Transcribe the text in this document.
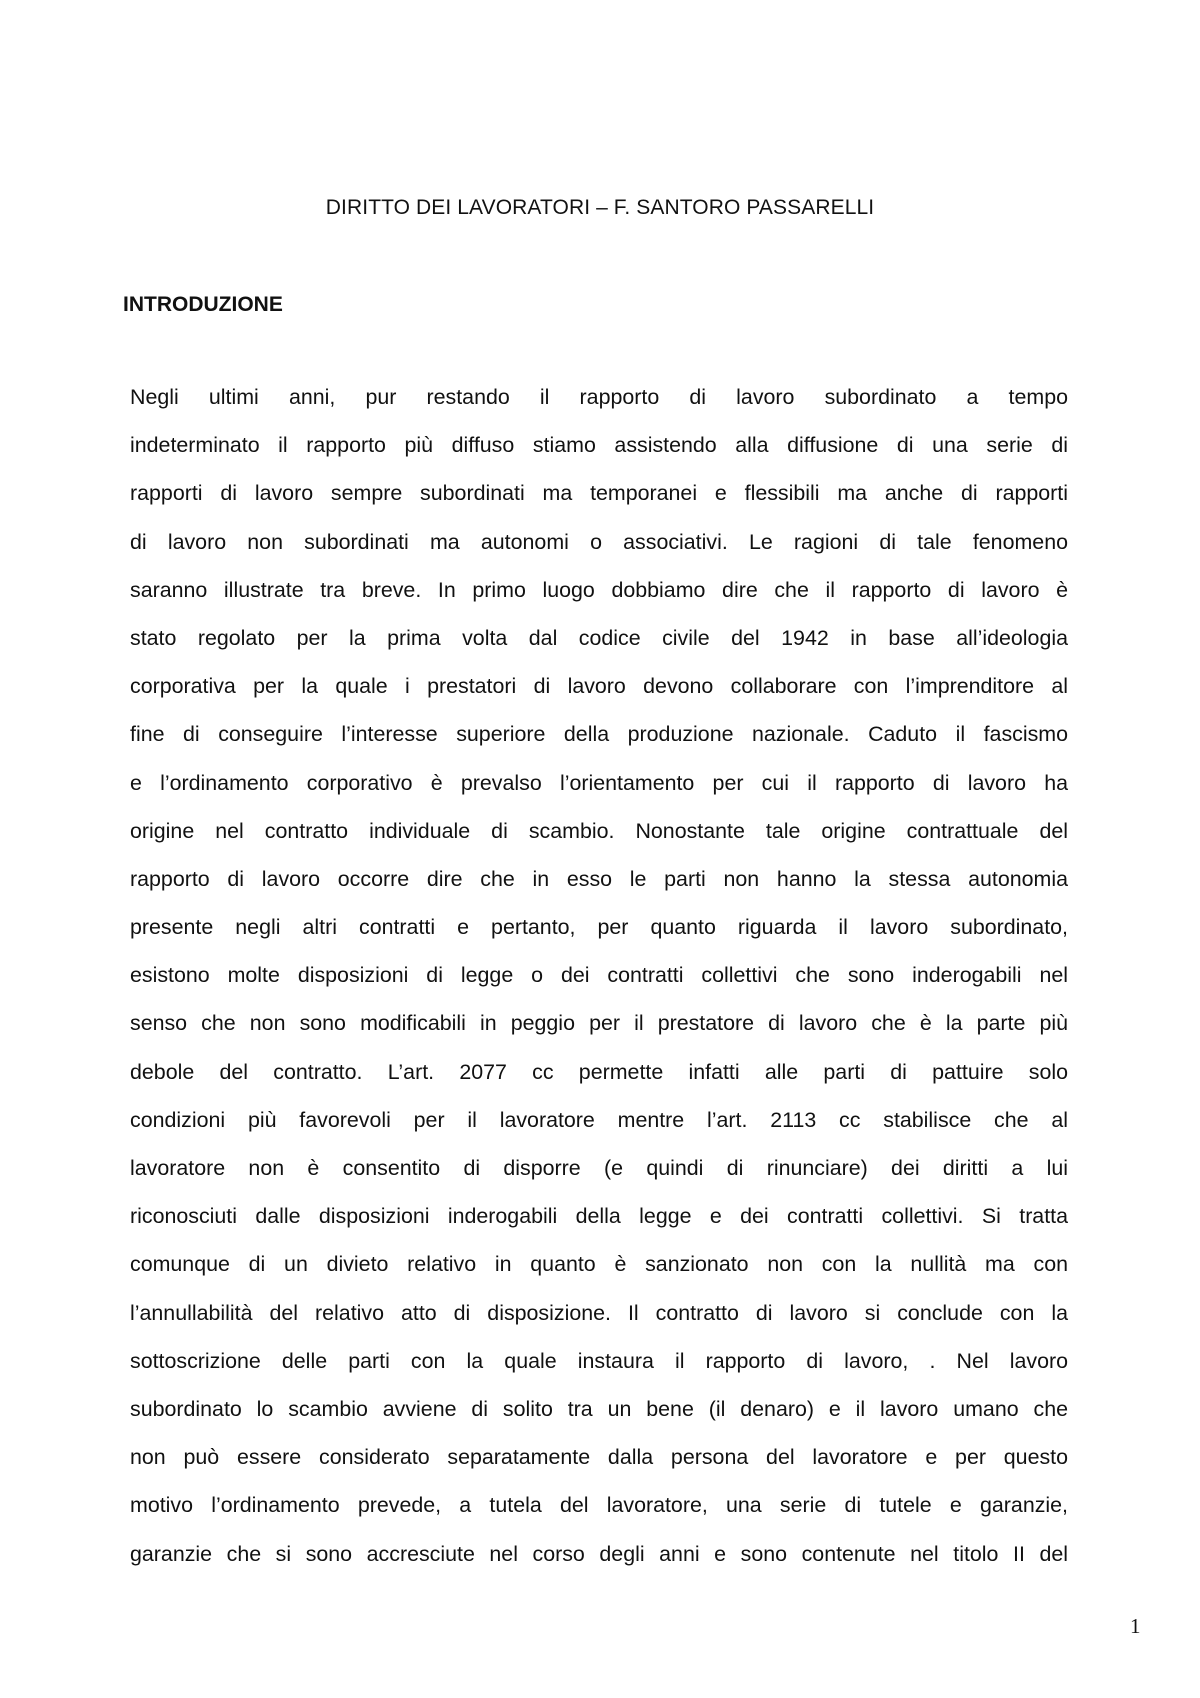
DIRITTO DEI LAVORATORI – F. SANTORO PASSARELLI
INTRODUZIONE
Negli ultimi anni, pur restando il rapporto di lavoro subordinato a tempo
indeterminato il rapporto più diffuso stiamo assistendo alla diffusione di una serie di
rapporti di lavoro sempre subordinati ma temporanei e flessibili ma anche di rapporti
di lavoro non subordinati ma autonomi o associativi. Le ragioni di tale fenomeno
saranno illustrate tra breve. In primo luogo dobbiamo dire che il rapporto di lavoro è
stato regolato per la prima volta dal codice civile del 1942 in base all’ideologia
corporativa per la quale i prestatori di lavoro devono collaborare con l’imprenditore al
fine di conseguire l’interesse superiore della produzione nazionale. Caduto il fascismo
e l’ordinamento corporativo è prevalso l’orientamento per cui il rapporto di lavoro ha
origine nel contratto individuale di scambio. Nonostante tale origine contrattuale del
rapporto di lavoro occorre dire che in esso le parti non hanno la stessa autonomia
presente negli altri contratti e pertanto, per quanto riguarda il lavoro subordinato,
esistono molte disposizioni di legge o dei contratti collettivi che sono inderogabili nel
senso che non sono modificabili in peggio per il prestatore di lavoro che è la parte più
debole del contratto. L’art. 2077 cc permette infatti alle parti di pattuire solo
condizioni più favorevoli per il lavoratore mentre l’art. 2113 cc stabilisce che al
lavoratore non è consentito di disporre (e quindi di rinunciare) dei diritti a lui
riconosciuti dalle disposizioni inderogabili della legge e dei contratti collettivi. Si tratta
comunque di un divieto relativo in quanto è sanzionato non con la nullità ma con
l’annullabilità del relativo atto di disposizione. Il contratto di lavoro si conclude con la
sottoscrizione delle parti con la quale instaura il rapporto di lavoro, . Nel lavoro
subordinato lo scambio avviene di solito tra un bene (il denaro) e il lavoro umano che
non può essere considerato separatamente dalla persona del lavoratore e per questo
motivo l’ordinamento prevede, a tutela del lavoratore, una serie di tutele e garanzie,
garanzie che si sono accresciute nel corso degli anni e sono contenute nel titolo II del
1
